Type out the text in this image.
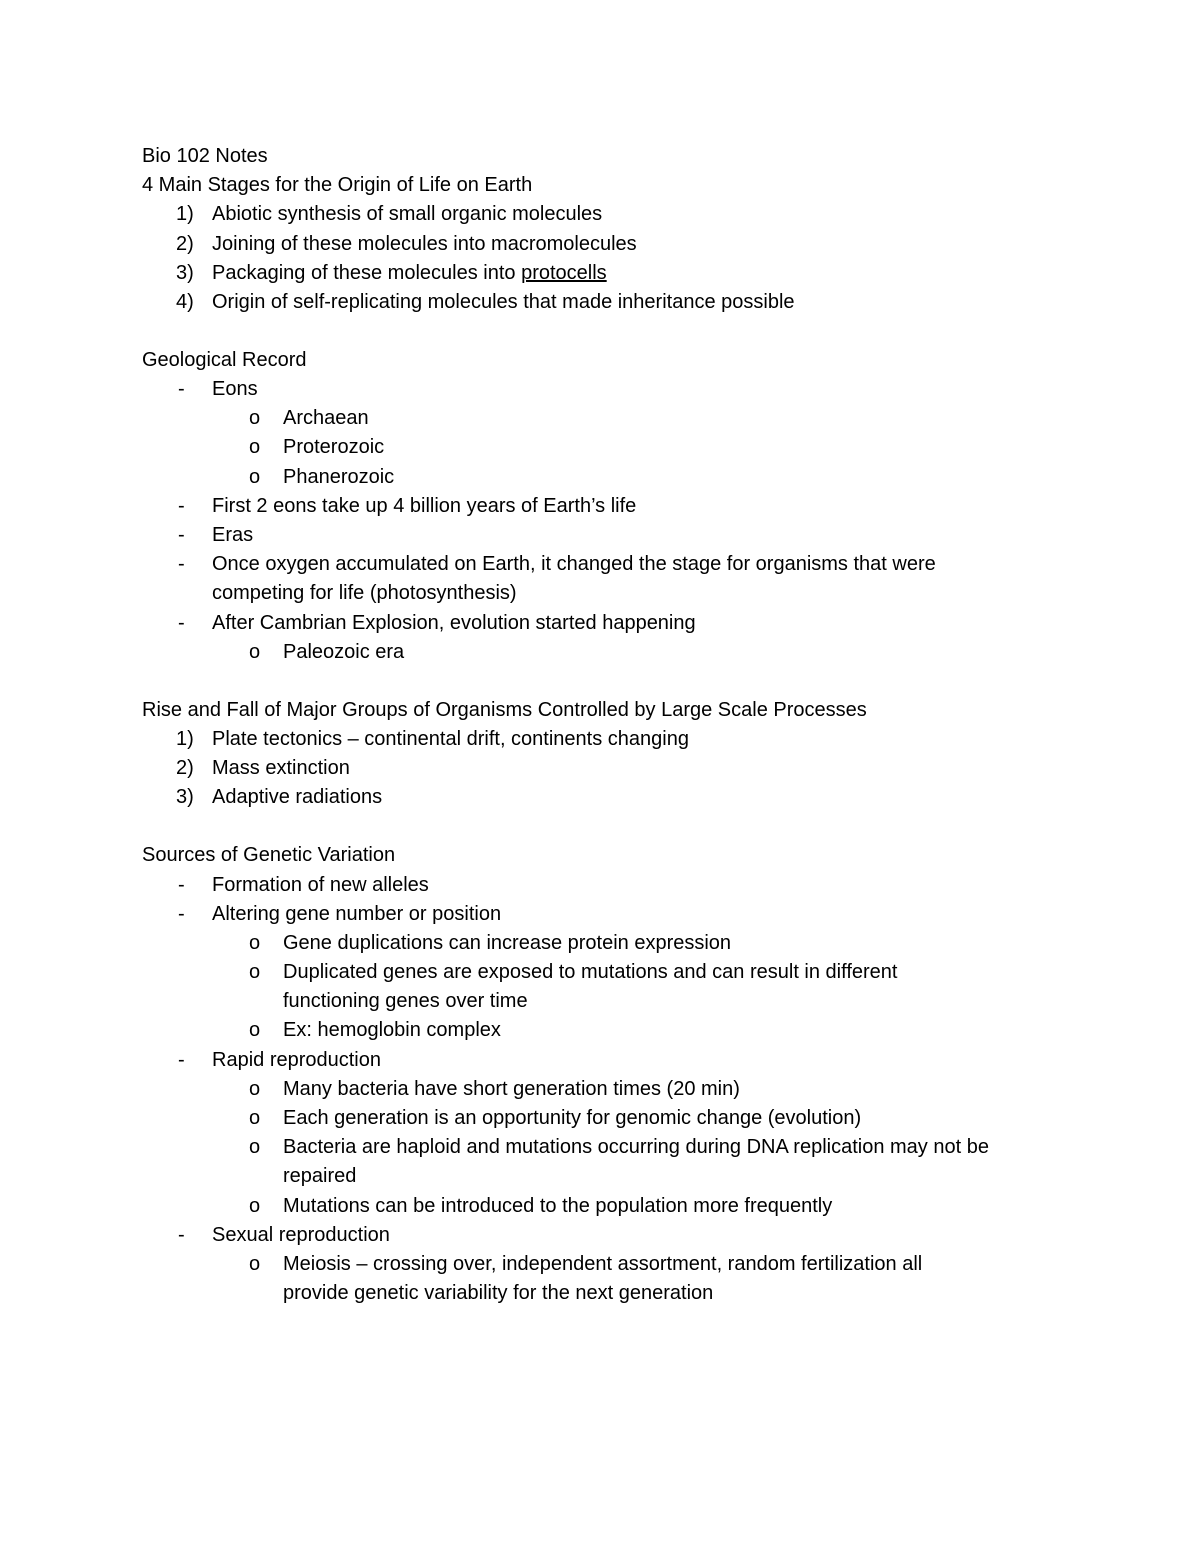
Bio 102 Notes
4 Main Stages for the Origin of Life on Earth
1) Abiotic synthesis of small organic molecules
2) Joining of these molecules into macromolecules
3) Packaging of these molecules into protocells
4) Origin of self-replicating molecules that made inheritance possible
Geological Record
- Eons
o Archaean
o Proterozoic
o Phanerozoic
- First 2 eons take up 4 billion years of Earth’s life
- Eras
- Once oxygen accumulated on Earth, it changed the stage for organisms that were
competing for life (photosynthesis)
- After Cambrian Explosion, evolution started happening
o Paleozoic era
Rise and Fall of Major Groups of Organisms Controlled by Large Scale Processes
1) Plate tectonics – continental drift, continents changing
2) Mass extinction
3) Adaptive radiations
Sources of Genetic Variation
- Formation of new alleles
- Altering gene number or position
o Gene duplications can increase protein expression
o Duplicated genes are exposed to mutations and can result in different
functioning genes over time
o Ex: hemoglobin complex
- Rapid reproduction
o Many bacteria have short generation times (20 min)
o Each generation is an opportunity for genomic change (evolution)
o Bacteria are haploid and mutations occurring during DNA replication may not be
repaired
o Mutations can be introduced to the population more frequently
- Sexual reproduction
o Meiosis – crossing over, independent assortment, random fertilization all
provide genetic variability for the next generation
